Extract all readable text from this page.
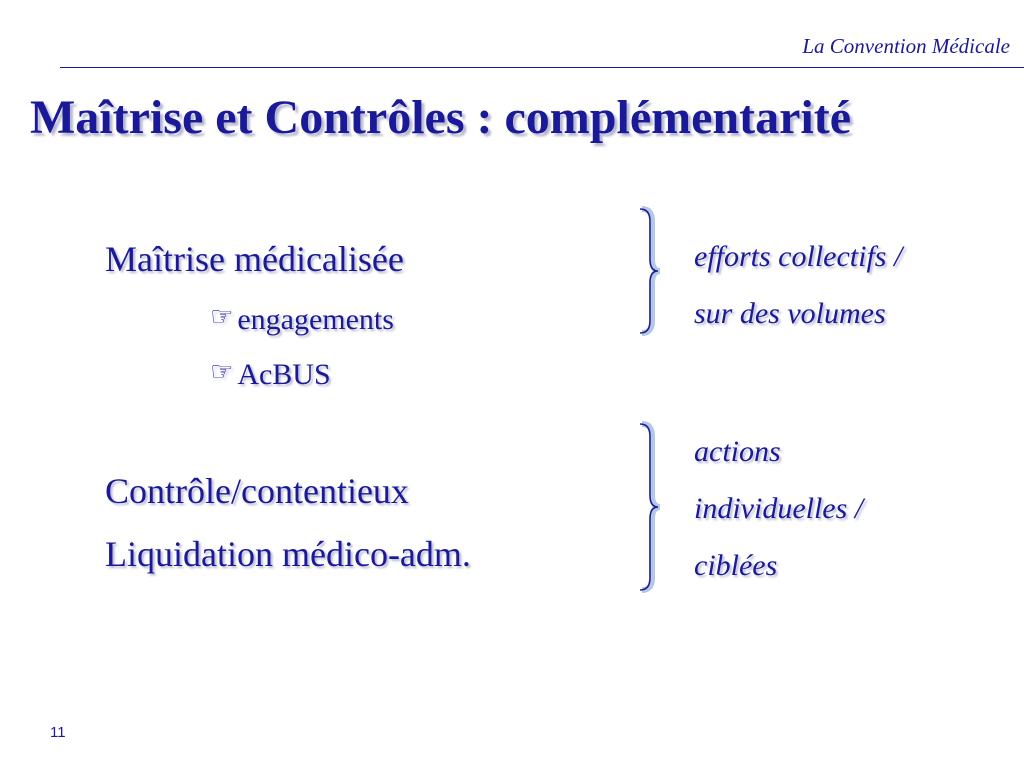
La Convention Médicale
Maîtrise et Contrôles : complémentarité
Maîtrise médicalisée
☞ engagements
☞ AcBUS
efforts collectifs /
sur des volumes
Contrôle/contentieux
Liquidation médico-adm.
actions
individuelles /
ciblées
11
